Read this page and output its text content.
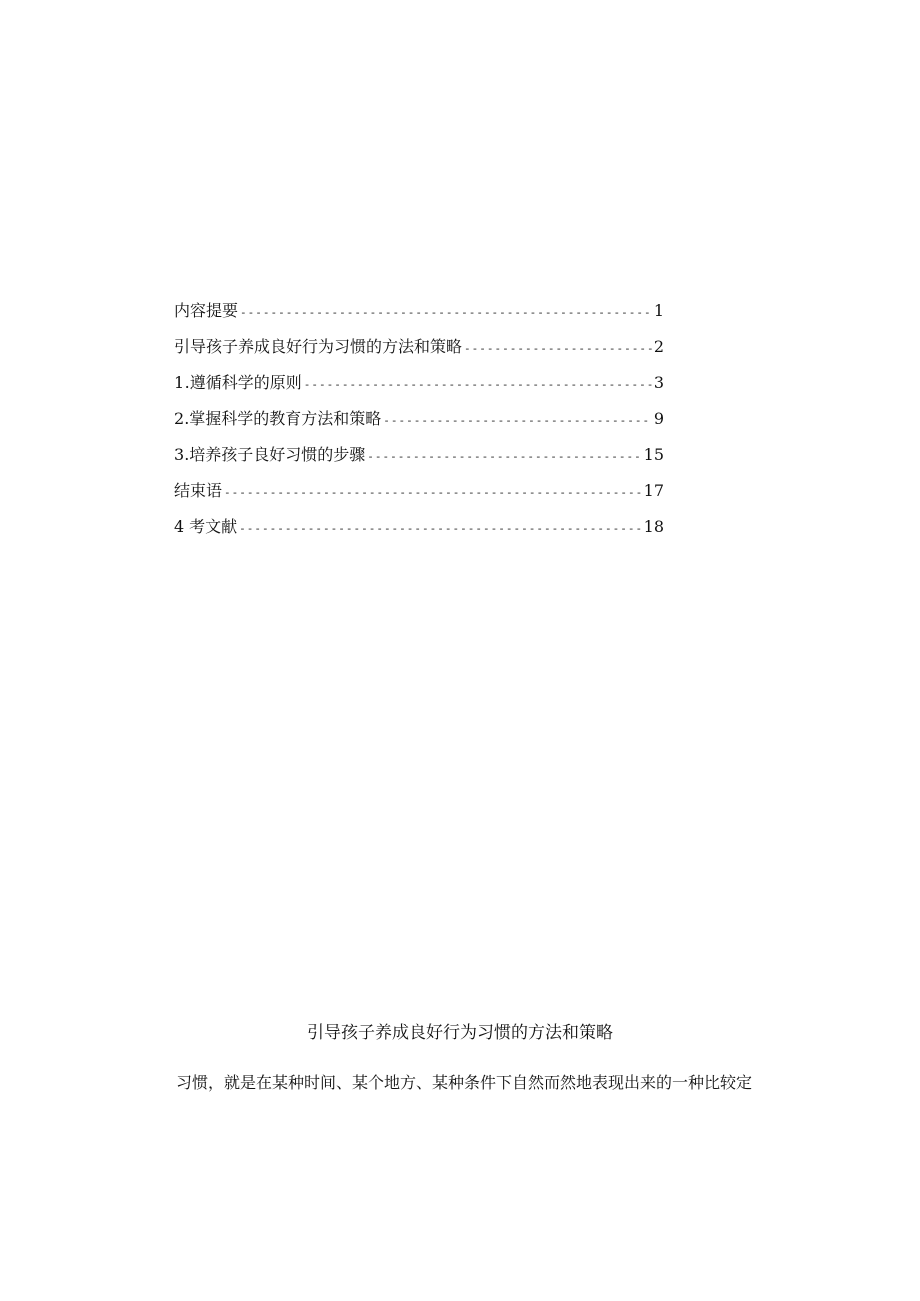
内容提要 -----	1
引导孩子养成良好行为习惯的方法和策略 -----	2
1 .遵循科学的原则 -----	3
2 .掌握科学的教育方法和策略 -----	9
3 .培养孩子良好习惯的步骤 -----	15
结束语 -----	17
4 考文献 -----	18
引导孩子养成良好行为习惯的方法和策略
习惯，就是在某种时间、某个地方、某种条件下自然而然地表现出来的一种比较定
